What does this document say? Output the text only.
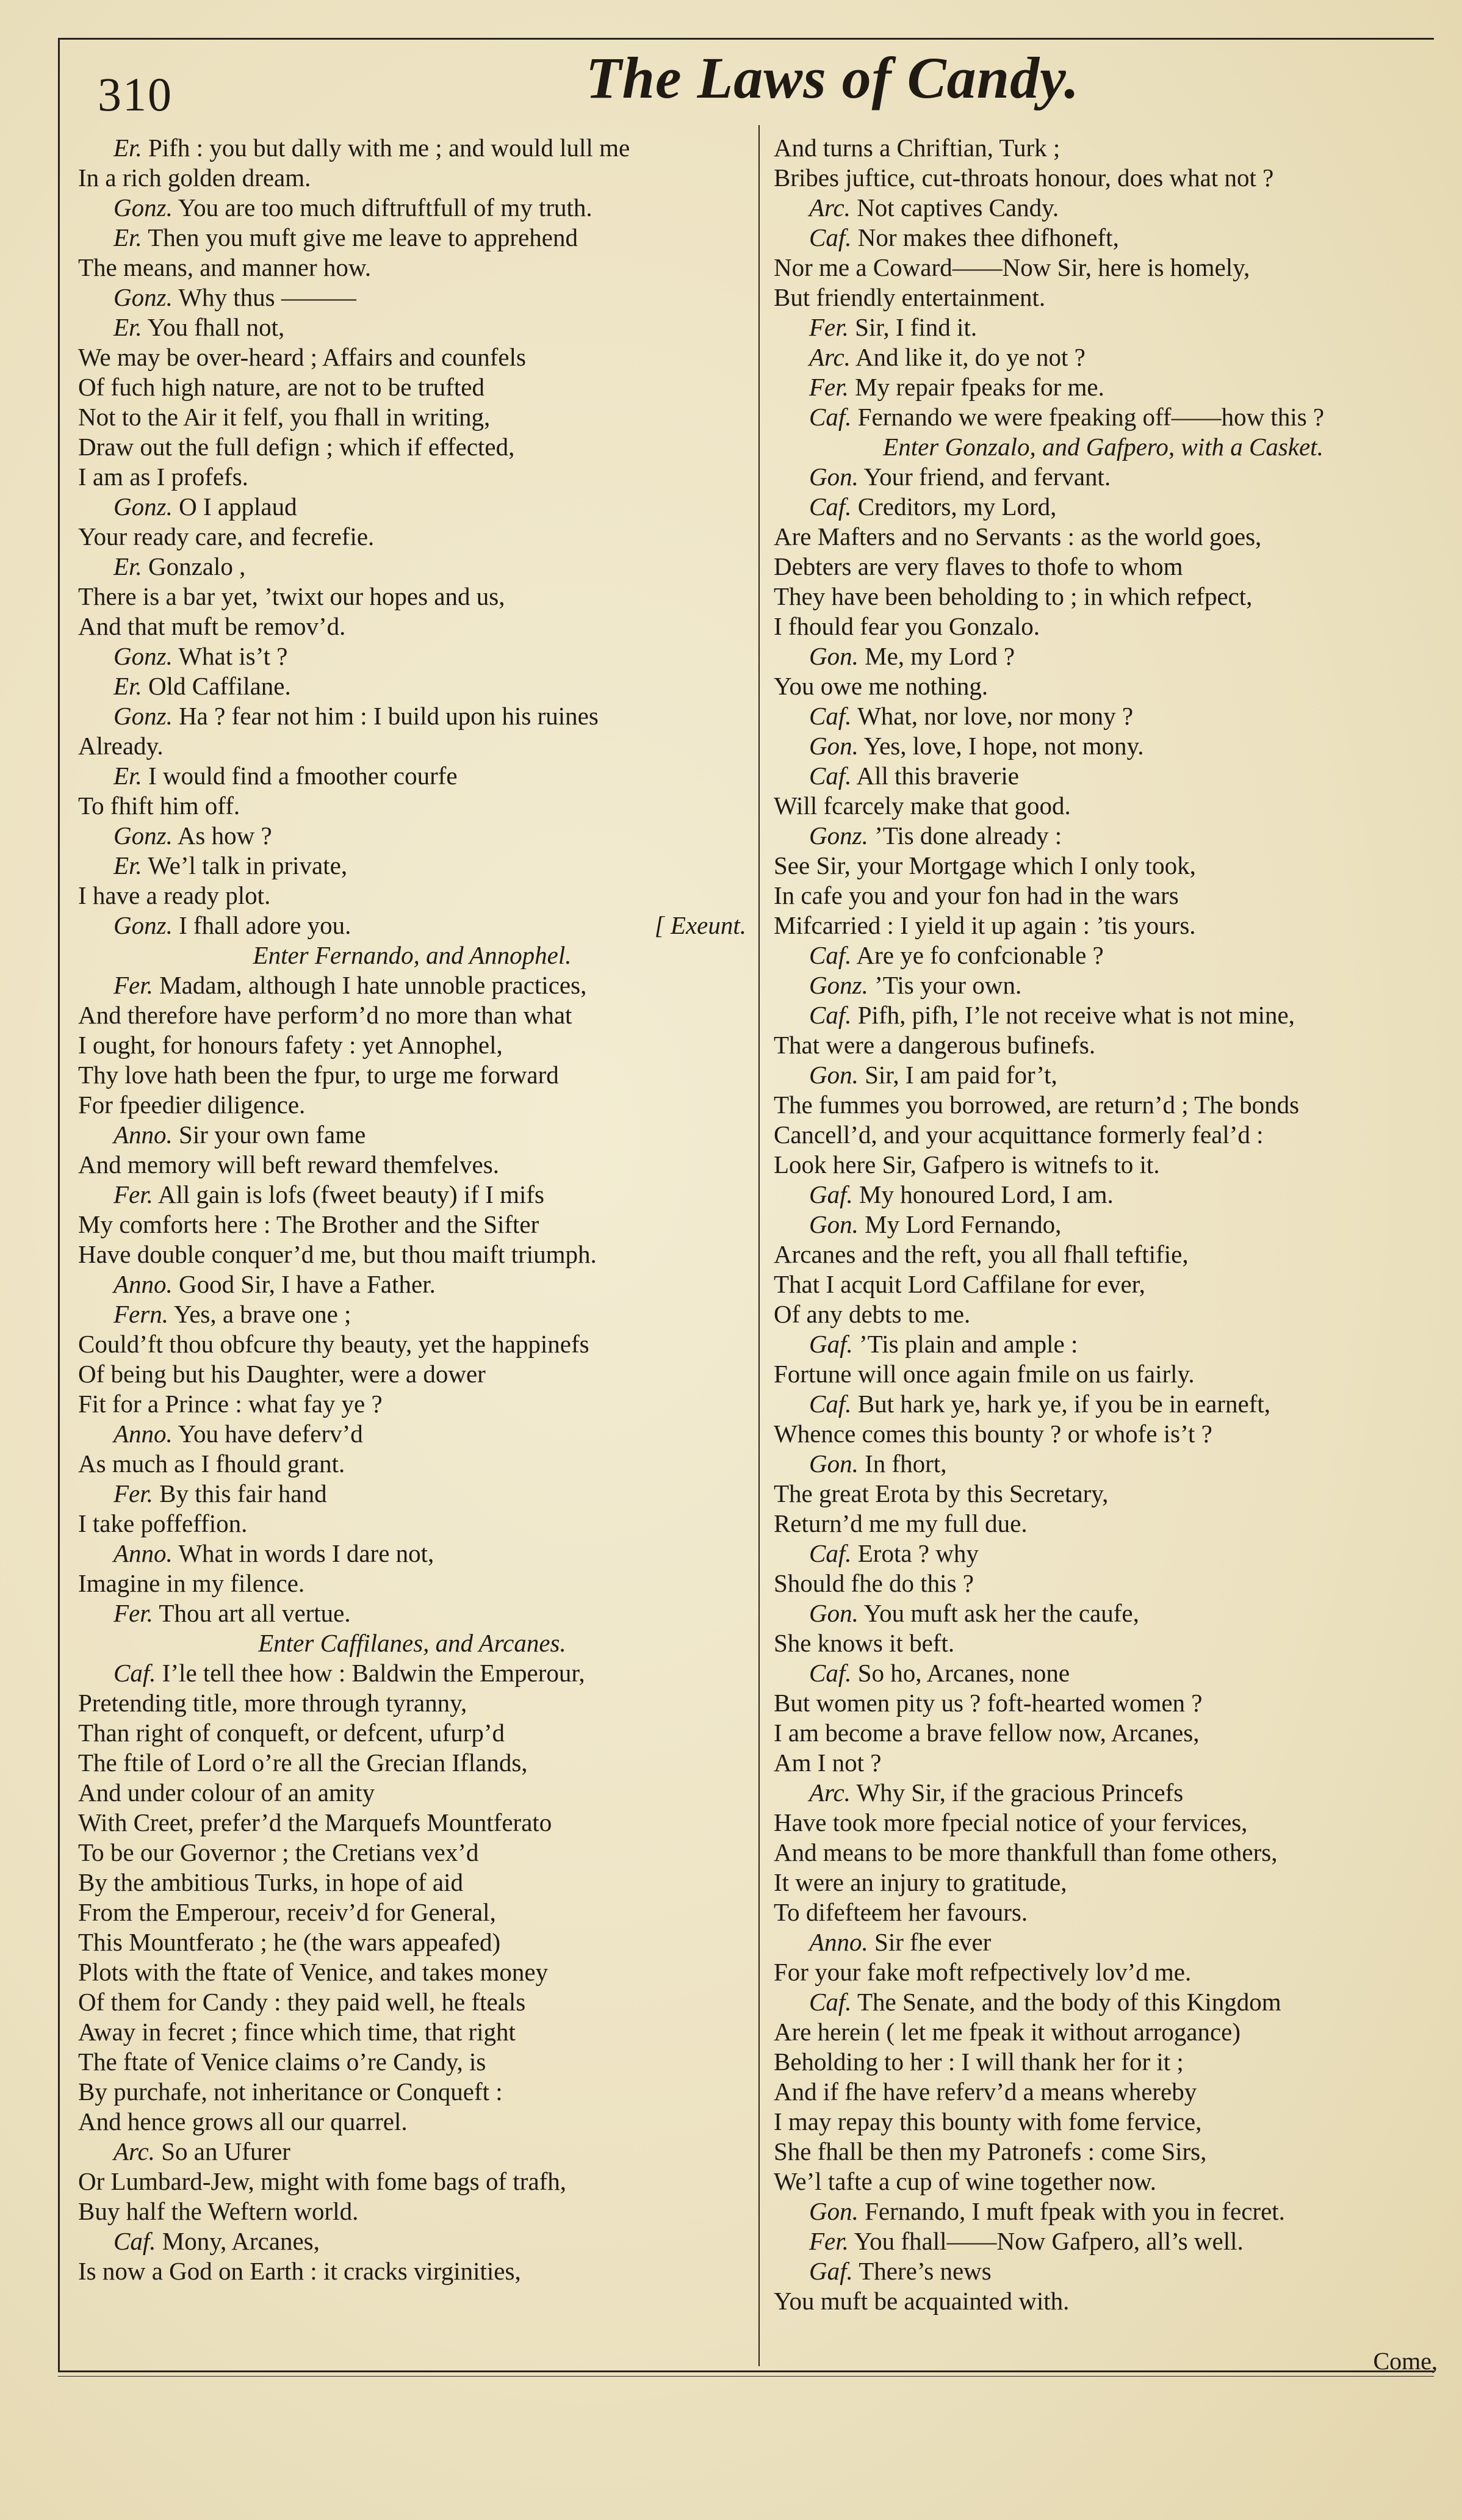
310	The Laws of Candy.
Er. Pifh : you but dally with me ; and would lull me
In a rich golden dream.
Gonz. You are too much diftruftfull of my truth.
Er. Then you muft give me leave to apprehend
The means, and manner how.
Gonz. Why thus ———
Er. You fhall not,
We may be over-heard ; Affairs and counfels
Of fuch high nature, are not to be trufted
Not to the Air it felf, you fhall in writing,
Draw out the full defign ; which if effected,
I am as I profefs.
Gonz. O I applaud
Your ready care, and fecrefie.
Er. Gonzalo ,
There is a bar yet, ’twixt our hopes and us,
And that muft be remov’d.
Gonz. What is’t ?
Er. Old Caffilane.
Gonz. Ha ? fear not him : I build upon his ruines
Already.
Er. I would find a fmoother courfe
To fhift him off.
Gonz. As how ?
Er. We’l talk in private,
I have a ready plot.
Gonz. I fhall adore you.	[ Exeunt.
Enter Fernando, and Annophel.
Fer. Madam, although I hate unnoble practices,
And therefore have perform’d no more than what
I ought, for honours fafety : yet Annophel,
Thy love hath been the fpur, to urge me forward
For fpeedier diligence.
Anno. Sir your own fame
And memory will beft reward themfelves.
Fer. All gain is lofs (fweet beauty) if I mifs
My comforts here : The Brother and the Sifter
Have double conquer’d me, but thou maift triumph.
Anno. Good Sir, I have a Father.
Fern. Yes, a brave one ;
Could’ft thou obfcure thy beauty, yet the happinefs
Of being but his Daughter, were a dower
Fit for a Prince : what fay ye ?
Anno. You have deferv’d
As much as I fhould grant.
Fer. By this fair hand
I take poffeffion.
Anno. What in words I dare not,
Imagine in my filence.
Fer. Thou art all vertue.
Enter Caffilanes, and Arcanes.
Caf. I’le tell thee how : Baldwin the Emperour,
Pretending title, more through tyranny,
Than right of conqueft, or defcent, ufurp’d
The ftile of Lord o’re all the Grecian Iflands,
And under colour of an amity
With Creet, prefer’d the Marquefs Mountferato
To be our Governor ; the Cretians vex’d
By the ambitious Turks, in hope of aid
From the Emperour, receiv’d for General,
This Mountferato ; he (the wars appeafed)
Plots with the ftate of Venice, and takes money
Of them for Candy : they paid well, he fteals
Away in fecret ; fince which time, that right
The ftate of Venice claims o’re Candy, is
By purchafe, not inheritance or Conqueft :
And hence grows all our quarrel.
Arc. So an Ufurer
Or Lumbard-Jew, might with fome bags of trafh,
Buy half the Weftern world.
Caf. Mony, Arcanes,
Is now a God on Earth : it cracks virginities,
And turns a Chriftian, Turk ;
Bribes juftice, cut-throats honour, does what not ?
Arc. Not captives Candy.
Caf. Nor makes thee difhoneft,
Nor me a Coward——Now Sir, here is homely,
But friendly entertainment.
Fer. Sir, I find it.
Arc. And like it, do ye not ?
Fer. My repair fpeaks for me.
Caf. Fernando we were fpeaking off——how this ?
Enter Gonzalo, and Gafpero, with a Casket.
Gon. Your friend, and fervant.
Caf. Creditors, my Lord,
Are Mafters and no Servants : as the world goes,
Debters are very flaves to thofe to whom
They have been beholding to ; in which refpect,
I fhould fear you Gonzalo.
Gon. Me, my Lord ?
You owe me nothing.
Caf. What, nor love, nor mony ?
Gon. Yes, love, I hope, not mony.
Caf. All this braverie
Will fcarcely make that good.
Gonz. ’Tis done already :
See Sir, your Mortgage which I only took,
In cafe you and your fon had in the wars
Mifcarried : I yield it up again : ’tis yours.
Caf. Are ye fo confcionable ?
Gonz. ’Tis your own.
Caf. Pifh, pifh, I’le not receive what is not mine,
That were a dangerous bufinefs.
Gon. Sir, I am paid for’t,
The fummes you borrowed, are return’d ; The bonds
Cancell’d, and your acquittance formerly feal’d :
Look here Sir, Gafpero is witnefs to it.
Gaf. My honoured Lord, I am.
Gon. My Lord Fernando,
Arcanes and the reft, you all fhall teftifie,
That I acquit Lord Caffilane for ever,
Of any debts to me.
Gaf. ’Tis plain and ample :
Fortune will once again fmile on us fairly.
Caf. But hark ye, hark ye, if you be in earneft,
Whence comes this bounty ? or whofe is’t ?
Gon. In fhort,
The great Erota by this Secretary,
Return’d me my full due.
Caf. Erota ? why
Should fhe do this ?
Gon. You muft ask her the caufe,
She knows it beft.
Caf. So ho, Arcanes, none
But women pity us ? foft-hearted women ?
I am become a brave fellow now, Arcanes,
Am I not ?
Arc. Why Sir, if the gracious Princefs
Have took more fpecial notice of your fervices,
And means to be more thankfull than fome others,
It were an injury to gratitude,
To difefteem her favours.
Anno. Sir fhe ever
For your fake moft refpectively lov’d me.
Caf. The Senate, and the body of this Kingdom
Are herein ( let me fpeak it without arrogance)
Beholding to her : I will thank her for it ;
And if fhe have referv’d a means whereby
I may repay this bounty with fome fervice,
She fhall be then my Patronefs : come Sirs,
We’l tafte a cup of wine together now.
Gon. Fernando, I muft fpeak with you in fecret.
Fer. You fhall——Now Gafpero, all’s well.
Gaf. There’s news
You muft be acquainted with.
Come,
